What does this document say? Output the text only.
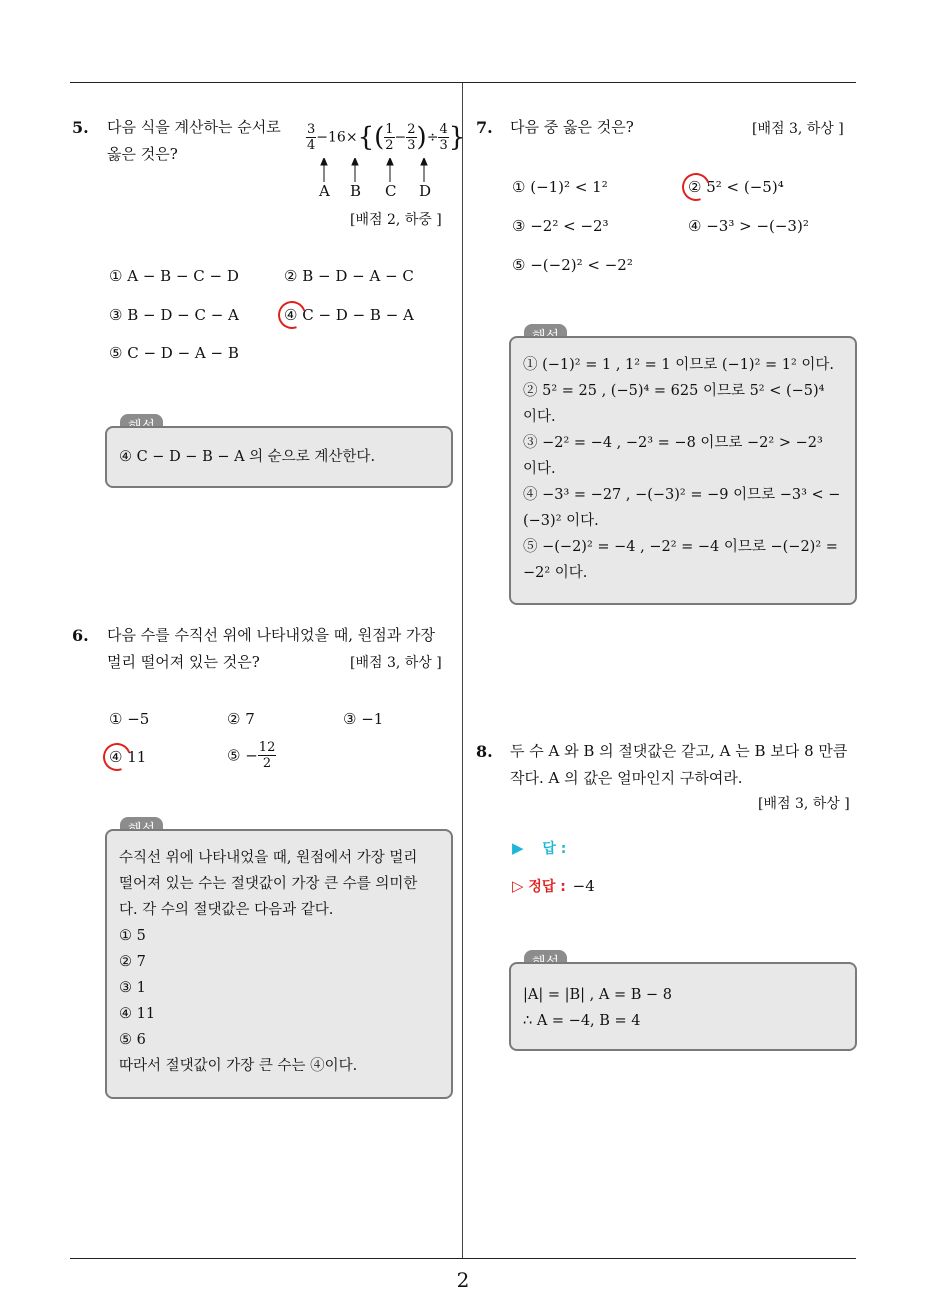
2
5. 다음 식을 계산하는 순서로
옳은 것은?
$\frac{3}{4} -16\times\{( \frac{1}{2} - \frac{2}{3}$ )÷ $\frac{4}{3}$ }
A B C D
[배점 2, 하중 ]
① A − B − C − D	② B − D − A − C
③ B − D − C − A	④ C − D − B − A
⑤ C − D − A − B
④ C − D − B − A 의 순으로 계산한다.
6. 다음 수를 수직선 위에 나타내었을 때, 원점과 가장
멀리 떨어져 있는 것은?	[배점 3, 하상 ]
① −5	② 7	③ −1
④ 11	⑤ − $\frac{12}{2}$
수직선 위에 나타내었을 때, 원점에서 가장 멀리
떨어져 있는 수는 절댓값이 가장 큰 수를 의미한
다. 각 수의 절댓값은 다음과 같다.
① 5
② 7
③ 1
④ 11
⑤ 6
따라서 절댓값이 가장 큰 수는 ④이다.
7. 다음 중 옳은 것은?	[배점 3, 하상 ]
① (−1)² < 1²	② 5² < (−5)⁴
③ −2² < −2³	④ −3³ > −(−3)²
⑤ −(−2)² < −2²
① (−1)² = 1 , 1² = 1 이므로 (−1)² = 1² 이다.
② 5² = 25 , (−5)⁴ = 625 이므로 5² < (−5)⁴
이다.
③ −2² = −4 , −2³ = −8 이므로 −2² > −2³
이다.
④ −3³ = −27 , −(−3)² = −9 이므로 −3³ < −
(−3)² 이다.
⑤ −(−2)² = −4 , −2² = −4 이므로 −(−2)² =
−2² 이다.
8. 두 수 A 와 B 의 절댓값은 같고, A 는 B 보다 8 만큼
작다. A 의 값은 얼마인지 구하여라.
[배점 3, 하상 ]
▶ 답 :
▷ 정답 : −4
|A| = |B| , A = B − 8
∴ A = −4, B = 4
